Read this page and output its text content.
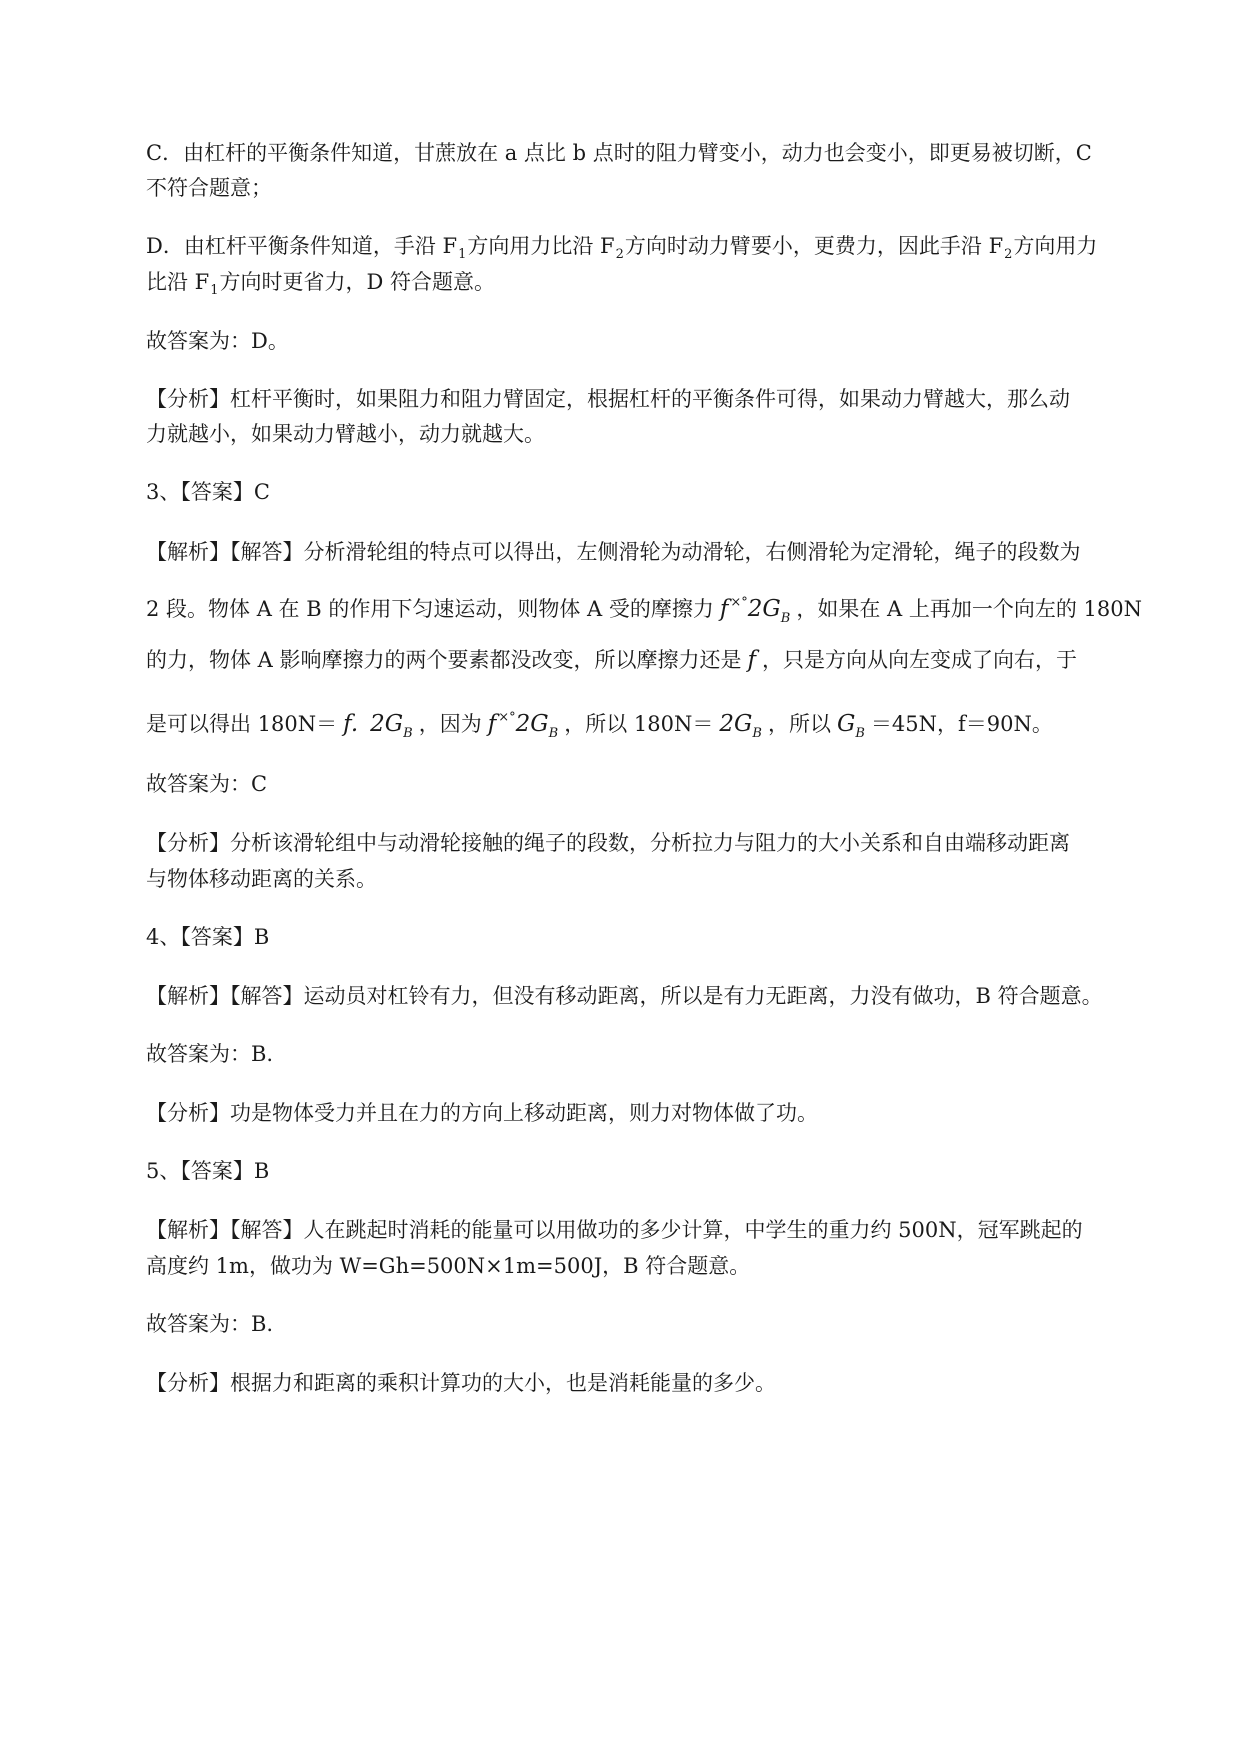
C．由杠杆的平衡条件知道，甘蔗放在 a 点比 b 点时的阻力臂变小，动力也会变小，即更易被切断，C

不符合题意；

D．由杠杆平衡条件知道，手沿 $F_1$方向用力比沿 $F_2$方向时动力臂要小，更费力，因此手沿 $F_2$方向用力

比沿 $F_1$方向时更省力，D 符合题意。

故答案为：D。

【分析】杠杆平衡时，如果阻力和阻力臂固定，根据杠杆的平衡条件可得，如果动力臂越大，那么动

力就越小，如果动力臂越小，动力就越大。

3、【答案】C

【解析】【解答】分析滑轮组的特点可以得出，左侧滑轮为动滑轮，右侧滑轮为定滑轮，绳子的段数为

2 段。物体 A 在 B 的作用下匀速运动，则物体 A 受的摩擦力 f $^{\times^\circ}2G_B$ ，如果在 A 上再加一个向左的 180N

的力，物体 A 影响摩擦力的两个要素都没改变，所以摩擦力还是 f ，只是方向从向左变成了向右，于

是可以得出 180N＝ f. $2G_B$ ，因为 f $^{\times^\circ}2G_B$ ，所以 $180N= 2G_B$ ，所以 $G_B =45N$，f＝90N。

故答案为：C

【分析】分析该滑轮组中与动滑轮接触的绳子的段数，分析拉力与阻力的大小关系和自由端移动距离

与物体移动距离的关系。

4、【答案】B

【解析】【解答】运动员对杠铃有力，但没有移动距离，所以是有力无距离，力没有做功，B 符合题意。

故答案为：B.

【分析】功是物体受力并且在力的方向上移动距离，则力对物体做了功。

5、【答案】B

【解析】【解答】人在跳起时消耗的能量可以用做功的多少计算，中学生的重力约 500N，冠军跳起的

高度约 1m，做功为 W=Gh=500N×1m=500J，B 符合题意。

故答案为：B.

【分析】根据力和距离的乘积计算功的大小，也是消耗能量的多少。
